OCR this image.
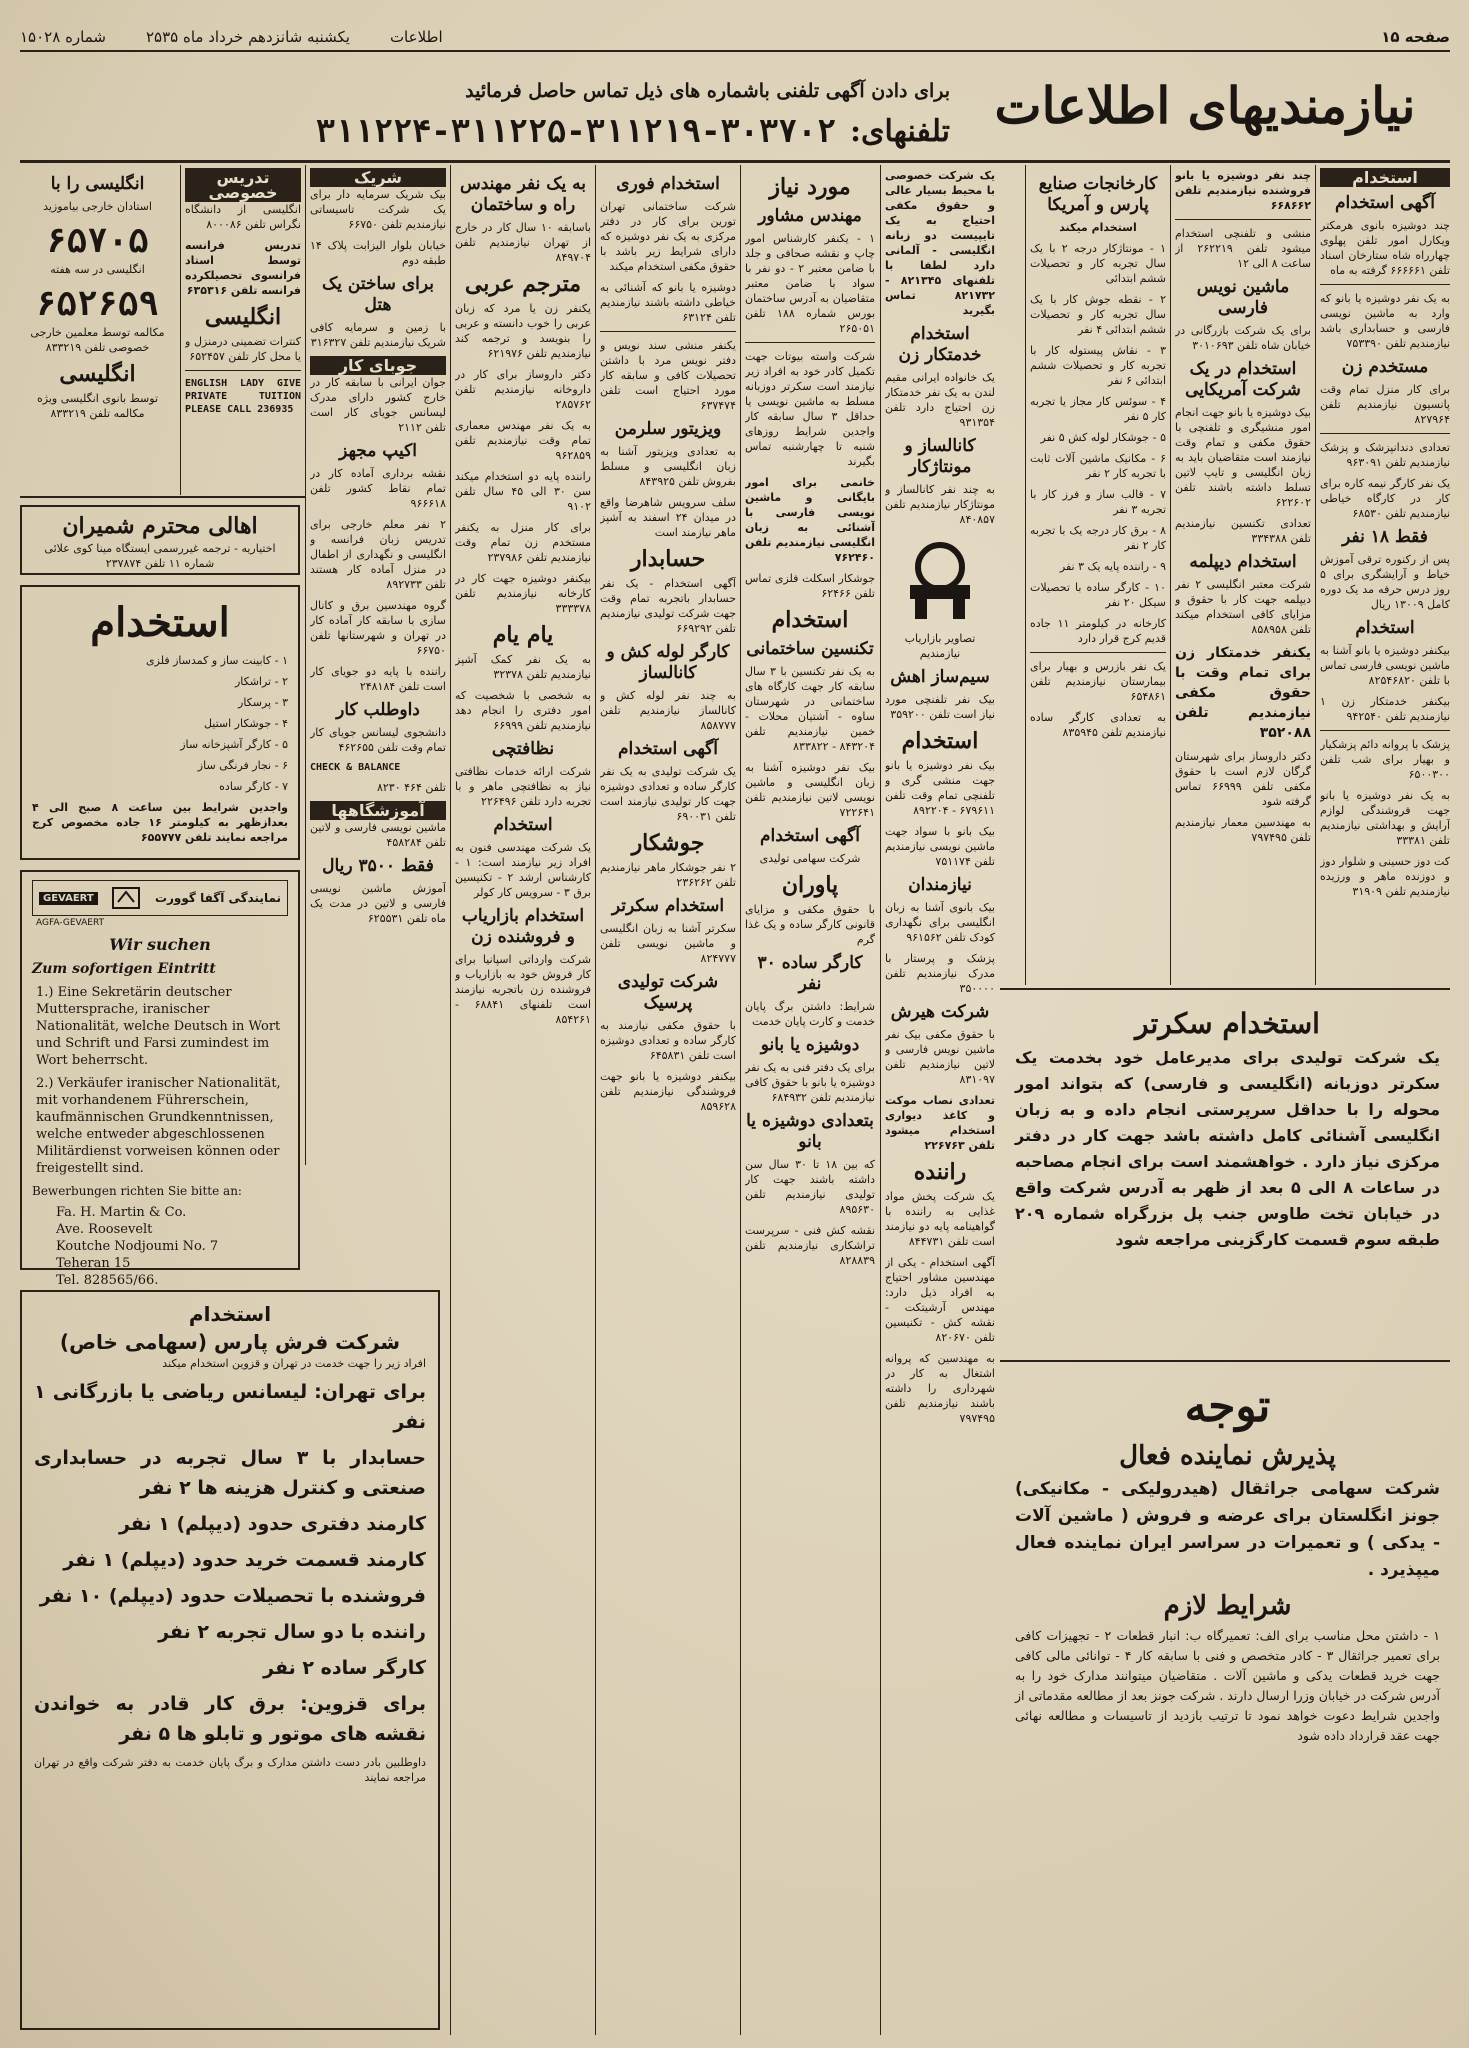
صفحه ۱۵
اطلاعات
یکشنبه شانزدهم خرداد ماه ۲۵۳۵
شماره ۱۵۰۲۸
نیازمندیهای اطلاعات
برای دادن آگهی تلفنی باشماره های ذیل تماس حاصل فرمائید
تلفنهای:
۳۱۱۲۲۴-۳۱۱۲۲۵-۳۱۱۲۱۹-۳۰۳۷۰۲
استخدام
آگهی استخدام

چند دوشیزه بانوی هرمکتر ویکارل امور تلفن پهلوی چهارراه شاه ستارخان اسناد تلفن ۶۶۶۶۶۱ گرفته به ماه

به یک نفر دوشیزه یا بانو که وارد به ماشین نویسی فارسی و حسابداری باشد نیازمندیم تلفن ۷۵۳۳۹۰

مستخدم زن

برای کار منزل تمام وقت پانسیون نیازمندیم تلفن ۸۲۷۹۶۴

تعدادی دندانپزشک و پزشک نیازمندیم تلفن ۹۶۳۰۹۱

یک نفر کارگر نیمه کاره برای کار در کارگاه خیاطی نیازمندیم تلفن ۶۸۵۳۰

فقط ۱۸ نفر

پس از رکنوره ترقی آموزش خیاط و آرایشگری برای ۵ روز درس حرفه مد یک دوره کامل ۱۳۰۰۹ ریال

استخدام

بیکنفر دوشیزه یا بانو آشنا به ماشین نویسی فارسی تماس با تلفن ۸۲۵۴۶۸۲۰

بیکنفر خدمتکار زن ۱ نیازمندیم تلفن ۹۴۲۵۴۰

پزشک با پروانه دائم پزشکیار و بهیار برای شب تلفن ۶۵۰۰۳۰۰

به یک نفر دوشیزه یا بانو جهت فروشندگی لوازم آرایش و بهداشتی نیازمندیم تلفن ۳۳۳۸۱

کت دوز حسینی و شلوار دوز و دوزنده ماهر و ورزیده نیازمندیم تلفن ۳۱۹۰۹

چند نفر دوشیزه یا بانو فروشنده نیازمندیم تلفن ۶۶۸۶۶۲

منشی و تلفنچی استخدام میشود تلفن ۲۶۲۲۱۹ از ساعت ۸ الی ۱۲

ماشین نویس فارسی

برای یک شرکت بازرگانی در خیابان شاه تلفن ۳۰۱۰۶۹۳

استخدام در یک شرکت آمریکایی

بیک دوشیزه یا بانو جهت انجام امور منشیگری و تلفنچی با حقوق مکفی و تمام وقت نیازمند است متقاضیان باید به زبان انگلیسی و تایپ لاتین تسلط داشته باشند تلفن ۶۲۲۶۰۲

تعدادی تکنسین نیازمندیم تلفن ۳۳۴۳۸۸

استخدام دیپلمه

شرکت معتبر انگلیسی ۲ نفر دیپلمه جهت کار با حقوق و مزایای کافی استخدام میکند تلفن ۸۵۸۹۵۸

یکنفر خدمتکار زن برای تمام وقت با حقوق مکفی نیازمندیم تلفن ۳۵۲۰۸۸

دکتر داروساز برای شهرستان گرگان لازم است با حقوق مکفی تلفن ۶۶۹۹۹ تماس گرفته شود

به مهندسین معمار نیازمندیم تلفن ۷۹۷۴۹۵

کارخانجات صنایع پارس و آمریکا

استخدام میکند

۱ - مونتاژکار درجه ۲ با یک سال تجربه کار و تحصیلات ششم ابتدائی

۲ - نقطه جوش کار با یک سال تجربه کار و تحصیلات ششم ابتدائی ۴ نفر

۳ - نقاش پیستوله کار با تجربه کار و تحصیلات ششم ابتدائی ۶ نفر

۴ - سوئس کار مجاز یا تجربه کار ۵ نفر

۵ - جوشکار لوله کش ۵ نفر

۶ - مکانیک ماشین آلات ثابت با تجربه کار ۲ نفر

۷ - قالب ساز و فرز کار با تجربه ۳ نفر

۸ - برق کار درجه یک با تجربه کار ۲ نفر

۹ - راننده پایه یک ۳ نفر

۱۰ - کارگر ساده با تحصیلات سیکل ۲۰ نفر

کارخانه در کیلومتر ۱۱ جاده قدیم کرج قرار دارد

یک نفر بازرس و بهیار برای بیمارستان نیازمندیم تلفن ۶۵۴۸۶۱

به تعدادی کارگر ساده نیازمندیم تلفن ۸۳۵۹۴۵

استخدام سکرتر

یک شرکت تولیدی برای مدیرعامل خود بخدمت یک سکرتر دوزبانه (انگلیسی و فارسی) که بتواند امور محوله را با حداقل سرپرستی انجام داده و به زبان انگلیسی آشنائی کامل داشته باشد جهت کار در دفتر مرکزی نیاز دارد . خواهشمند است برای انجام مصاحبه در ساعات ۸ الی ۵ بعد از ظهر به آدرس شرکت واقع در خیابان تخت طاوس جنب پل بزرگراه شماره ۲۰۹ طبقه سوم قسمت کارگزینی مراجعه شود

توجه
پذیرش نماینده فعال

شرکت سهامی جراثقال (هیدرولیکی - مکانیکی) جونز انگلستان برای عرضه و فروش ( ماشین آلات - یدکی ) و تعمیرات در سراسر ایران نماینده فعال میپذیرد .

شرایط لازم

۱ - داشتن محل مناسب برای الف: تعمیرگاه ب: انبار قطعات ۲ - تجهیزات کافی برای تعمیر جراثقال ۳ - کادر متخصص و فنی با سابقه کار ۴ - توانائی مالی کافی جهت خرید قطعات یدکی و ماشین آلات . متقاضیان میتوانند مدارک خود را به آدرس شرکت در خیابان وزرا ارسال دارند . شرکت جونز بعد از مطالعه مقدماتی از واجدین شرایط دعوت خواهد نمود تا ترتیب بازدید از تاسیسات و مطالعه نهائی جهت عقد قرارداد داده شود

یک شرکت خصوصی با محیط بسیار عالی و حقوق مکفی احتیاج به یک تایپیست دو زبانه انگلیسی - آلمانی دارد لطفا با تلفنهای ۸۲۱۳۴۵ - ۸۲۱۷۳۲ تماس بگیرید

استخدام خدمتکار زن

یک خانواده ایرانی مقیم لندن به یک نفر خدمتکار زن احتیاج دارد تلفن ۹۳۱۳۵۴

کانالساز و مونتاژکار

به چند نفر کانالساز و مونتاژکار نیازمندیم تلفن ۸۴۰۸۵۷

تصاویر بازاریاب نیازمندیم

سیم‌ساز اهش

بیک نفر تلفنچی مورد نیاز است تلفن ۳۵۹۲۰۰

استخدام

بیک نفر دوشیزه یا بانو جهت منشی گری و تلفنچی تمام وقت تلفن ۶۷۹۶۱۱ - ۸۹۲۲۰۴

بیک بانو با سواد جهت ماشین نویسی نیازمندیم تلفن ۷۵۱۱۷۴

نیازمندان

بیک بانوی آشنا به زبان انگلیسی برای نگهداری کودک تلفن ۹۶۱۵۶۲

پزشک و پرستار با مدرک نیازمندیم تلفن ۳۵۰۰۰۰

شرکت هیرش

با حقوق مکفی بیک نفر ماشین نویس فارسی و لاتین نیازمندیم تلفن ۸۳۱۰۹۷

تعدادی نصاب موکت و کاغذ دیواری استخدام میشود تلفن ۲۲۶۷۶۳

راننده

یک شرکت پخش مواد غذایی به راننده با گواهینامه پایه دو نیازمند است تلفن ۸۴۴۷۳۱

آگهی استخدام - یکی از مهندسین مشاور احتیاج به افراد ذیل دارد: مهندس آرشیتکت - نقشه کش - تکنیسین تلفن ۸۲۰۶۷۰

به مهندسین که پروانه اشتغال به کار در شهرداری را داشته باشند نیازمندیم تلفن ۷۹۷۴۹۵

مورد نیاز
مهندس مشاور

۱ - یکنفر کارشناس امور چاپ و نقشه صحافی و جلد با ضامن معتبر ۲ - دو نفر با سواد با ضامن معتبر متقاضیان به آدرس ساختمان بورس شماره ۱۸۸ تلفن ۲۶۵۰۵۱

شرکت واسته بیوتات جهت تکمیل کادر خود به افراد زیر نیازمند است سکرتر دوزبانه مسلط به ماشین نویسی یا حداقل ۳ سال سابقه کار واجدین شرایط روزهای شنبه تا چهارشنبه تماس بگیرند

خانمی برای امور بایگانی و ماشین نویسی فارسی با آشنائی به زبان انگلیسی نیازمندیم تلفن ۷۶۲۴۶۰

جوشکار اسکلت فلزی تماس تلفن ۶۲۴۶۶

استخدام
تکنسین ساختمانی

به یک نفر تکنسین با ۳ سال سابقه کار جهت کارگاه های ساختمانی در شهرستان ساوه - آشتیان محلات - خمین نیازمندیم تلفن ۸۴۳۲۰۴ - ۸۳۳۸۲۲

بیک نفر دوشیزه آشنا به زبان انگلیسی و ماشین نویسی لاتین نیازمندیم تلفن ۷۲۲۶۴۱

آگهی استخدام

شرکت سهامی تولیدی

پاوران

با حقوق مکفی و مزایای قانونی کارگر ساده و یک غذا گرم

کارگر ساده ۳۰ نفر

شرایط: داشتن برگ پایان خدمت و کارت پایان خدمت

دوشیزه یا بانو

برای یک دفتر فنی به یک نفر دوشیزه یا بانو با حقوق کافی نیازمندیم تلفن ۶۸۴۹۳۲

بتعدادی دوشیزه یا بانو

که بین ۱۸ تا ۳۰ سال سن داشته باشند جهت کار تولیدی نیازمندیم تلفن ۸۹۵۶۳۰

نقشه کش فنی - سرپرست تراشکاری نیازمندیم تلفن ۸۲۸۸۳۹

استخدام فوری

شرکت ساختمانی تهران تورین برای کار در دفتر مرکزی به یک نفر دوشیزه که دارای شرایط زیر باشد با حقوق مکفی استخدام میکند

دوشیزه یا بانو که آشنائی به خیاطی داشته باشند نیازمندیم تلفن ۶۳۱۲۴

یکنفر منشی سند نویس و دفتر نویس مرد با داشتن تحصیلات کافی و سابقه کار مورد احتیاج است تلفن ۶۳۷۴۷۴

ویزیتور سلرمن

به تعدادی ویزیتور آشنا به زبان انگلیسی و مسلط بفروش تلفن ۸۴۳۹۲۵

سلف سرویس شاهرضا واقع در میدان ۲۴ اسفند به آشپز ماهر نیازمند است

حسابدار

آگهی استخدام - یک نفر حسابدار باتجربه تمام وقت جهت شرکت تولیدی نیازمندیم تلفن ۶۶۹۲۹۲

کارگر لوله کش و کانالساز

به چند نفر لوله کش و کانالساز نیازمندیم تلفن ۸۵۸۷۷۷

آگهی استخدام

یک شرکت تولیدی به یک نفر کارگر ساده و تعدادی دوشیزه جهت کار تولیدی نیازمند است تلفن ۶۹۰۰۳۱

جوشکار

۲ نفر جوشکار ماهر نیازمندیم تلفن ۲۳۶۲۶۲

استخدام سکرتر

سکرتر آشنا به زبان انگلیسی و ماشین نویسی تلفن ۸۲۴۷۷۷

شرکت تولیدی پرسیک

با حقوق مکفی نیازمند به کارگر ساده و تعدادی دوشیزه است تلفن ۶۴۵۸۳۱

بیکنفر دوشیزه یا بانو جهت فروشندگی نیازمندیم تلفن ۸۵۹۶۲۸

به یک نفر مهندس راه و ساختمان

باسابقه ۱۰ سال کار در خارج از تهران نیازمندیم تلفن ۸۴۹۷۰۴

مترجم عربی

یکنفر زن یا مرد که زبان عربی را خوب دانسته و عربی را بنویسد و ترجمه کند نیازمندیم تلفن ۶۲۱۹۷۶

دکتر داروساز برای کار در داروخانه نیازمندیم تلفن ۲۸۵۷۶۲

به یک نفر مهندس معماری تمام وقت نیازمندیم تلفن ۹۶۲۸۵۹

راننده پایه دو استخدام میکند سن ۳۰ الی ۴۵ سال تلفن ۹۱۰۲

برای کار منزل به یکنفر مستخدم زن تمام وقت نیازمندیم تلفن ۲۳۷۹۸۶

بیکنفر دوشیزه جهت کار در کارخانه نیازمندیم تلفن ۳۳۳۳۷۸

یام یام

به یک نفر کمک آشپز نیازمندیم تلفن ۳۲۳۷۸

به شخصی با شخصیت که امور دفتری را انجام دهد نیازمندیم تلفن ۶۶۹۹۹

نظافتچی

شرکت ارائه خدمات نظافتی نیاز به نظافتچی ماهر و با تجربه دارد تلفن ۲۲۶۴۹۶

استخدام

یک شرکت مهندسی فنون به افراد زیر نیازمند است: ۱ - کارشناس ارشد ۲ - تکنیسین برق ۳ - سرویس کار کولر

استخدام بازاریاب و فروشنده زن

شرکت وارداتی اسپانیا برای کار فروش خود به بازاریاب و فروشنده زن باتجربه نیازمند است تلفنهای ۶۸۸۴۱ - ۸۵۴۲۶۱

شریک

بیک شریک سرمایه دار برای یک شرکت تاسیساتی نیازمندیم تلفن ۶۶۷۵۰

خیابان بلوار الیزابت پلاک ۱۴ طبقه دوم

برای ساختن یک هتل

با زمین و سرمایه کافی شریک نیازمندیم تلفن ۳۱۶۳۲۷

جوبای کار

جوان ایرانی با سابقه کار در خارج کشور دارای مدرک لیسانس جویای کار است تلفن ۲۱۱۲

اکیپ مجهز

نقشه برداری آماده کار در تمام نقاط کشور تلفن ۹۶۶۶۱۸

۲ نفر معلم خارجی برای تدریس زبان فرانسه و انگلیسی و نگهداری از اطفال در منزل آماده کار هستند تلفن ۸۹۲۷۳۳

گروه مهندسین برق و کانال سازی با سابقه کار آماده کار در تهران و شهرستانها تلفن ۶۶۷۵۰

راننده با پایه دو جویای کار است تلفن ۲۴۸۱۸۴

داوطلب کار

دانشجوی لیسانس جویای کار تمام وقت تلفن ۴۶۲۶۵۵

CHECK & BALANCE

تلفن ۴۶۴ ۸۲۳۰

آموزشگاهها

ماشین نویسی فارسی و لاتین تلفن ۴۵۸۲۸۴

فقط ۳۵۰۰ ریال

آموزش ماشین نویسی فارسی و لاتین در مدت یک ماه تلفن ۶۲۵۵۳۱

تدریس خصوصی

انگلیسی از دانشگاه نگراس تلفن ۸۰۰۰۸۶

تدریس فرانسه توسط استاد فرانسوی تحصیلکرده فرانسه تلفن ۶۳۵۳۱۶

انگلیسی

کنترات تضمینی درمنزل و یا محل کار تلفن ۶۵۲۴۵۷

ENGLISH LADY GIVE PRIVATE TUITION PLEASE CALL 236935

انگلیسی را با

استادان خارجی بیاموزید

۶۵۷۰۵

انگلیسی در سه هفته

۶۵۲۶۵۹

مکالمه توسط معلمین خارجی خصوصی تلفن ۸۳۳۲۱۹

انگلیسی

توسط بانوی انگلیسی ویژه مکالمه تلفن ۸۳۳۲۱۹

اهالی محترم شمیران

اختیاریه - ترجمه غیررسمی ایستگاه مینا کوی علائی شماره ۱۱ تلفن ۲۳۷۸۷۴

استخدام

۱ - کابینت ساز و کمدساز فلزی

۲ - تراشکار

۳ - پرسکار

۴ - جوشکار استیل

۵ - کارگر آشپزخانه ساز

۶ - نجار فرنگی ساز

۷ - کارگر ساده

واجدین شرایط بین ساعت ۸ صبح الی ۴ بعدازظهر به کیلومتر ۱۶ جاده مخصوص کرج مراجعه نمایند تلفن ۶۵۵۷۷۷

نمایندگی آگفا گوورت
GEVAERT
AGFA-GEVAERT
Wir suchen
Zum sofortigen Eintritt
1.) Eine Sekretärin deutscher Muttersprache, iranischer Nationalität, welche Deutsch in Wort und Schrift und Farsi zumindest im Wort beherrscht.
2.) Verkäufer iranischer Nationalität, mit vorhandenem Führerschein, kaufmännischen Grundkenntnissen, welche entweder abgeschlossenen Militärdienst vorweisen können oder freigestellt sind.
Bewerbungen richten Sie bitte an:
Fa. H. Martin & Co.
Ave. Roosevelt
Koutche Nodjoumi No. 7
Teheran 15
Tel. 828565/66.
استخدام
شرکت فرش پارس (سهامی خاص)

افراد زیر را جهت خدمت در تهران و قزوین استخدام میکند

برای تهران: لیسانس ریاضی یا بازرگانی ۱ نفر

حسابدار با ۳ سال تجربه در حسابداری صنعتی و کنترل هزینه ها ۲ نفر

کارمند دفتری حدود (دیپلم) ۱ نفر

کارمند قسمت خرید حدود (دیپلم) ۱ نفر

فروشنده با تحصیلات حدود (دیپلم) ۱۰ نفر

راننده با دو سال تجربه ۲ نفر

کارگر ساده ۲ نفر

برای قزوین: برق کار قادر به خواندن نقشه های موتور و تابلو ها ۵ نفر

داوطلبین بادر دست داشتن مدارک و برگ پایان خدمت به دفتر شرکت واقع در تهران مراجعه نمایند
